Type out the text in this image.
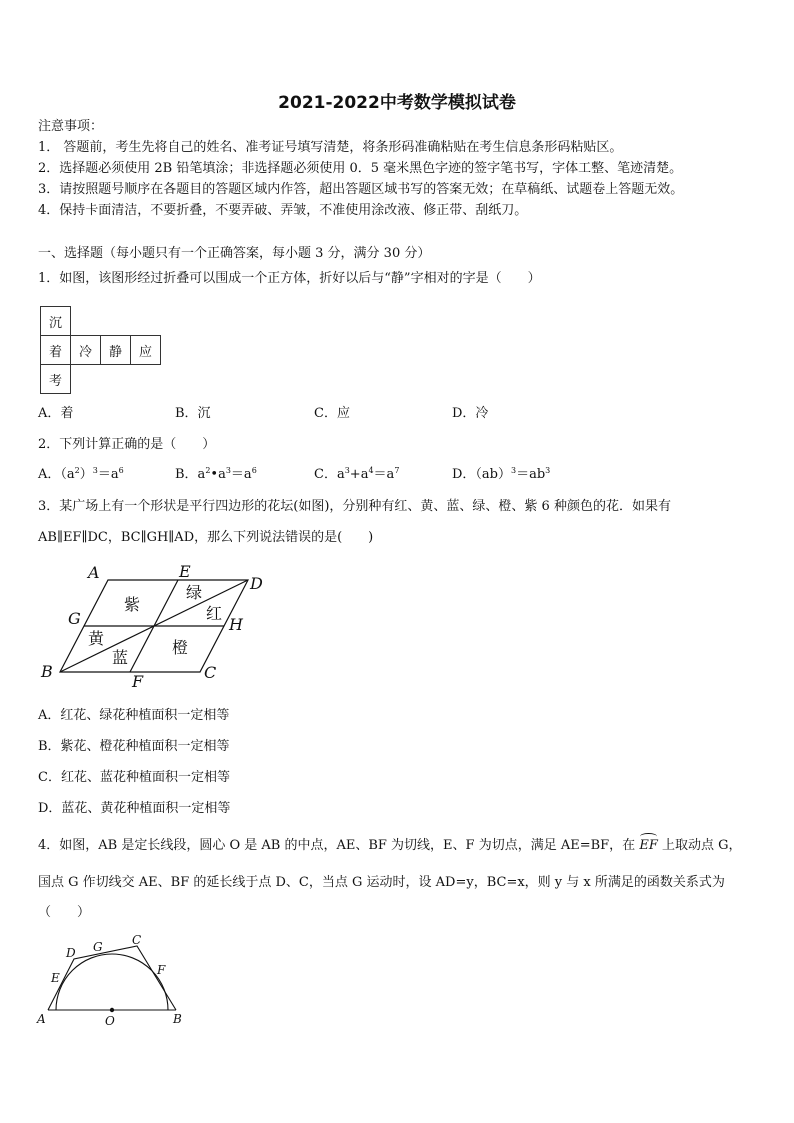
2021-2022中考数学模拟试卷
注意事项：
1． 答题前，考生先将自己的姓名、准考证号填写清楚，将条形码准确粘贴在考生信息条形码粘贴区。
2．选择题必须使用 2B 铅笔填涂；非选择题必须使用 0．5 毫米黑色字迹的签字笔书写，字体工整、笔迹清楚。
3．请按照题号顺序在各题目的答题区域内作答，超出答题区域书写的答案无效；在草稿纸、试题卷上答题无效。
4．保持卡面清洁，不要折叠，不要弄破、弄皱，不准使用涂改液、修正带、刮纸刀。
一、选择题（每小题只有一个正确答案，每小题 3 分，满分 30 分）
1．如图，该图形经过折叠可以围成一个正方体，折好以后与“静”字相对的字是（　　）
沉			
着	冷	静	应
考			
A．着	B．沉	C．应	D．冷
2．下列计算正确的是（　　）
A．$(a^2)^3=a^6$	B．$a^2•a^3=a^6$	C．$a^3+a^4=a^7$	D．$(ab)^3=ab^3$
3．某广场上有一个形状是平行四边形的花坛(如图)，分别种有红、黄、蓝、绿、橙、紫 6 种颜色的花．如果有
AB∥EF∥DC，BC∥GH∥AD，那么下列说法错误的是(　　)
A	E
D
G	H
B
F	C
紫
绿
红
黄
蓝
橙
A．红花、绿花种植面积一定相等
B．紫花、橙花种植面积一定相等
C．红花、蓝花种植面积一定相等
D．蓝花、黄花种植面积一定相等
4．如图，AB 是定长线段，圆心 O 是 AB 的中点，AE、BF 为切线，E、F 为切点，满足 AE=BF，在 EF 上取动点 G，
国点 G 作切线交 AE、BF 的延长线于点 D、C，当点 G 运动时，设 AD=y，BC=x，则 y 与 x 所满足的函数关系式为
（　　）
A	O	B
D G C
E
F
